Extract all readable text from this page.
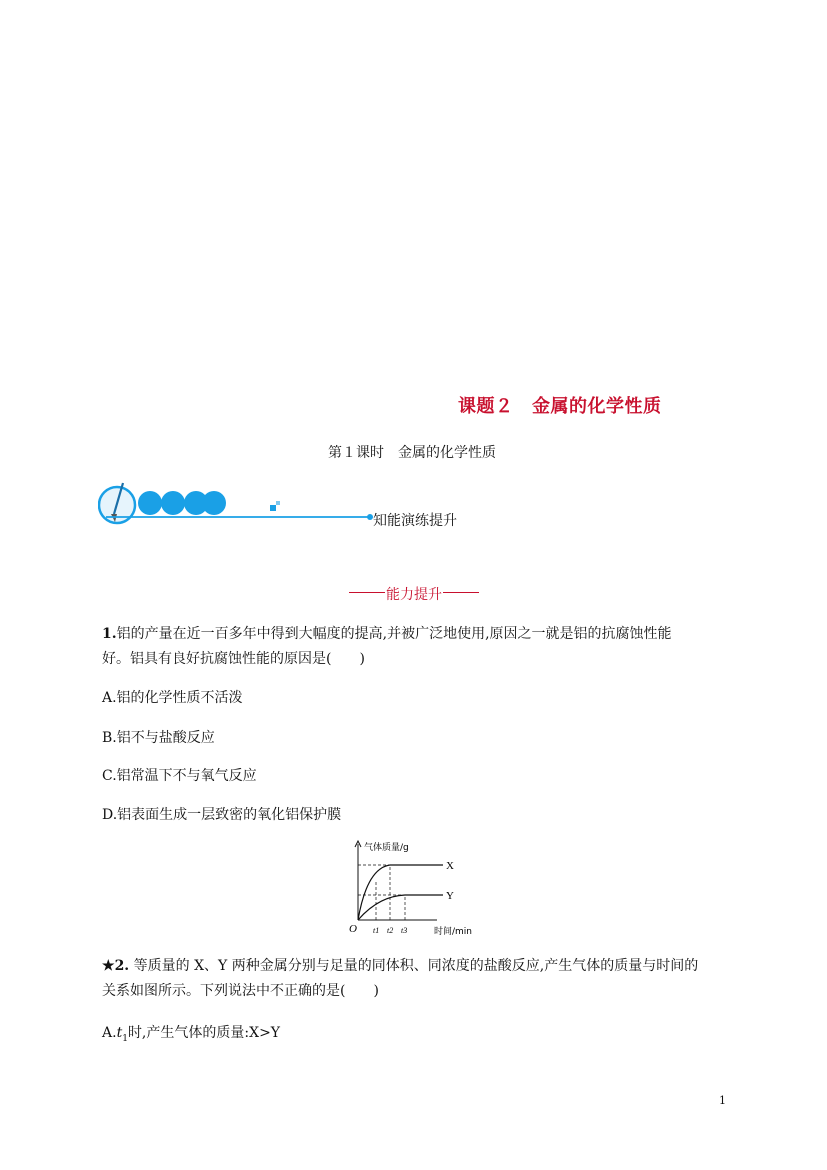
课题２　金属的化学性质
第１课时　金属的化学性质
知能演练提升
能力提升
1.铝的产量在近一百多年中得到大幅度的提高,并被广泛地使用,原因之一就是铝的抗腐蚀性能
好。铝具有良好抗腐蚀性能的原因是(　　)
A.铝的化学性质不活泼
B.铝不与盐酸反应
C.铝常温下不与氧气反应
D.铝表面生成一层致密的氧化铝保护膜
气体质量/g
X
Y
O t1 t2 t3	时间/min
★2. 等质量的 X、Y 两种金属分别与足量的同体积、同浓度的盐酸反应,产生气体的质量与时间的
关系如图所示。下列说法中不正确的是(　　)
$A.t_1$时,产生气体的质量:X>Y
1
